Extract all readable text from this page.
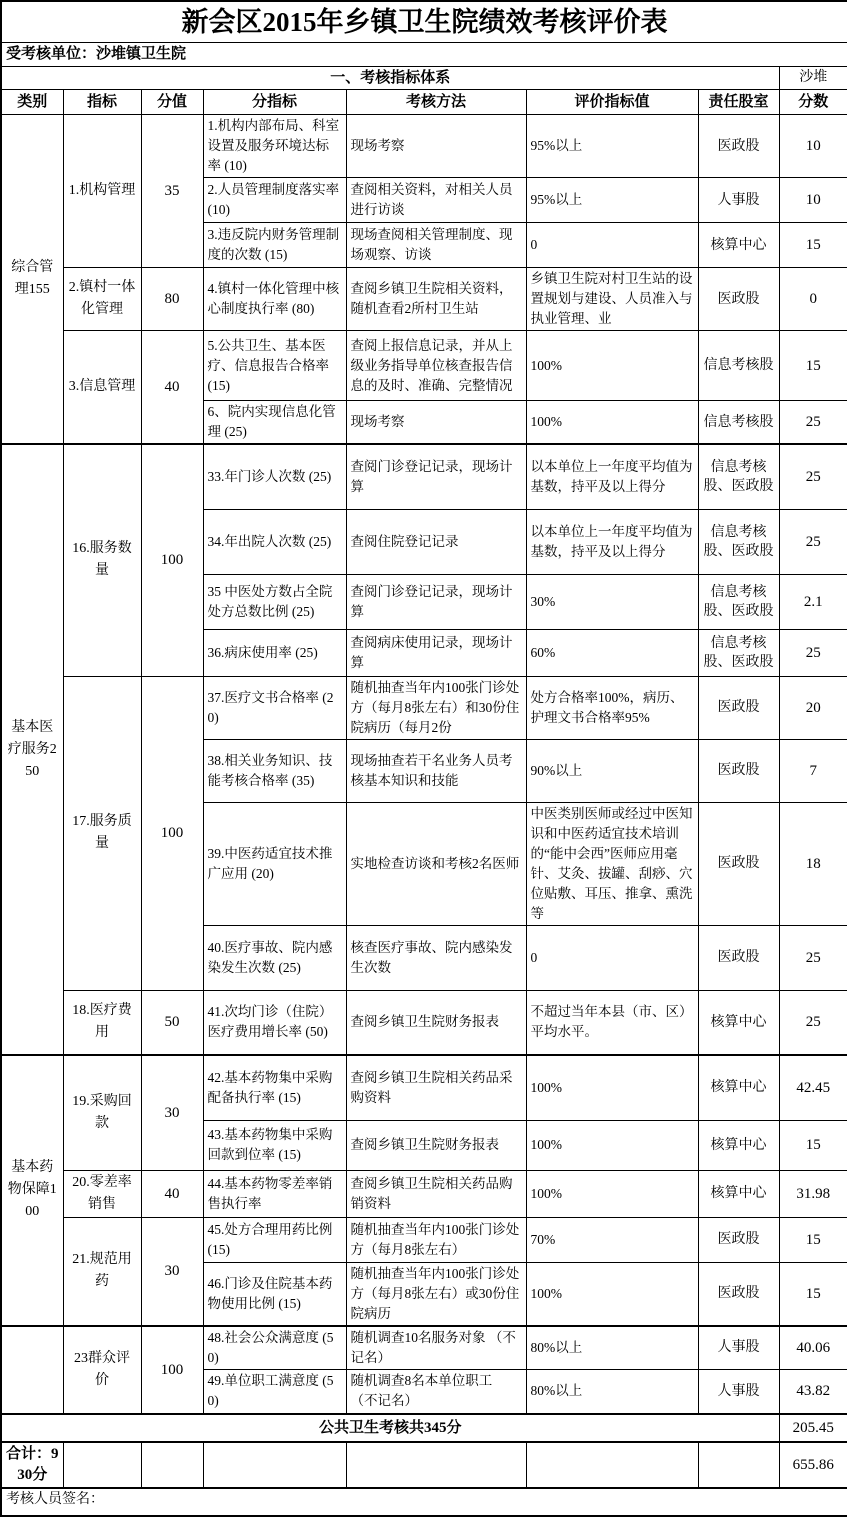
新会区2015年乡镇卫生院绩效考核评价表							
受考核单位：沙堆镇卫生院							
一、考核指标体系							沙堆
类别	指标	分值	分指标	考核方法	评价指标值	责任股室	分数
综合管理155	1.机构管理	35	1.机构内部布局、科室设置及服务环境达标率 (10)	现场考察	95%以上	医政股	10
			2.人员管理制度落实率 (10)	查阅相关资料，对相关人员进行访谈	95%以上	人事股	10
			3.违反院内财务管理制度的次数 (15)	现场查阅相关管理制度、现场观察、访谈	0	核算中心	15
	2.镇村一体化管理	80	4.镇村一体化管理中核心制度执行率 (80)	查阅乡镇卫生院相关资料，随机查看2所村卫生站	乡镇卫生院对村卫生站的设置规划与建设、人员准入与执业管理、业	医政股	0
	3.信息管理	40	5.公共卫生、基本医疗、信息报告合格率 (15)	查阅上报信息记录，并从上级业务指导单位核查报告信息的及时、准确、完整情况	100%	信息考核股	15
			6、院内实现信息化管理 (25)	现场考察	100%	信息考核股	25
基本医疗服务250	16.服务数量	100	33.年门诊人次数 (25)	查阅门诊登记记录，现场计算	以本单位上一年度平均值为基数，持平及以上得分	信息考核股、医政股	25
			34.年出院人次数 (25)	查阅住院登记记录	以本单位上一年度平均值为基数，持平及以上得分	信息考核股、医政股	25
			35 中医处方数占全院处方总数比例 (25)	查阅门诊登记记录，现场计算	30%	信息考核股、医政股	2.1
			36.病床使用率 (25)	查阅病床使用记录，现场计算	60%	信息考核股、医政股	25
	17.服务质量	100	37.医疗文书合格率 (20)	随机抽查当年内100张门诊处方（每月8张左右）和30份住院病历（每月2份	处方合格率100%，病历、护理文书合格率95%	医政股	20
			38.相关业务知识、技能考核合格率 (35)	现场抽查若干名业务人员考核基本知识和技能	90%以上	医政股	7
			39.中医药适宜技术推广应用 (20)	实地检查访谈和考核2名医师	中医类别医师或经过中医知识和中医药适宜技术培训的“能中会西”医师应用毫针、艾灸、拔罐、刮痧、穴位贴敷、耳压、推拿、熏洗等	医政股	18
			40.医疗事故、院内感染发生次数 (25)	核查医疗事故、院内感染发生次数	0	医政股	25
	18.医疗费用	50	41.次均门诊（住院）医疗费用增长率 (50)	查阅乡镇卫生院财务报表	不超过当年本县（市、区）平均水平。	核算中心	25
基本药物保障100	19.采购回款	30	42.基本药物集中采购配备执行率 (15)	查阅乡镇卫生院相关药品采购资料	100%	核算中心	42.45
			43.基本药物集中采购回款到位率 (15)	查阅乡镇卫生院财务报表	100%	核算中心	15
	20.零差率销售	40	44.基本药物零差率销售执行率	查阅乡镇卫生院相关药品购销资料	100%	核算中心	31.98
	21.规范用药	30	45.处方合理用药比例 (15)	随机抽查当年内100张门诊处方（每月8张左右）	70%	医政股	15
			46.门诊及住院基本药物使用比例 (15)	随机抽查当年内100张门诊处方（每月8张左右）或30份住院病历	100%	医政股	15
	23群众评价	100	48.社会公众满意度 (50)	随机调查10名服务对象 （不记名）	80%以上	人事股	40.06
			49.单位职工满意度 (50)	随机调查8名本单位职工 （不记名）	80%以上	人事股	43.82
公共卫生考核共345分							205.45
合计：930分							655.86
考核人员签名：							
